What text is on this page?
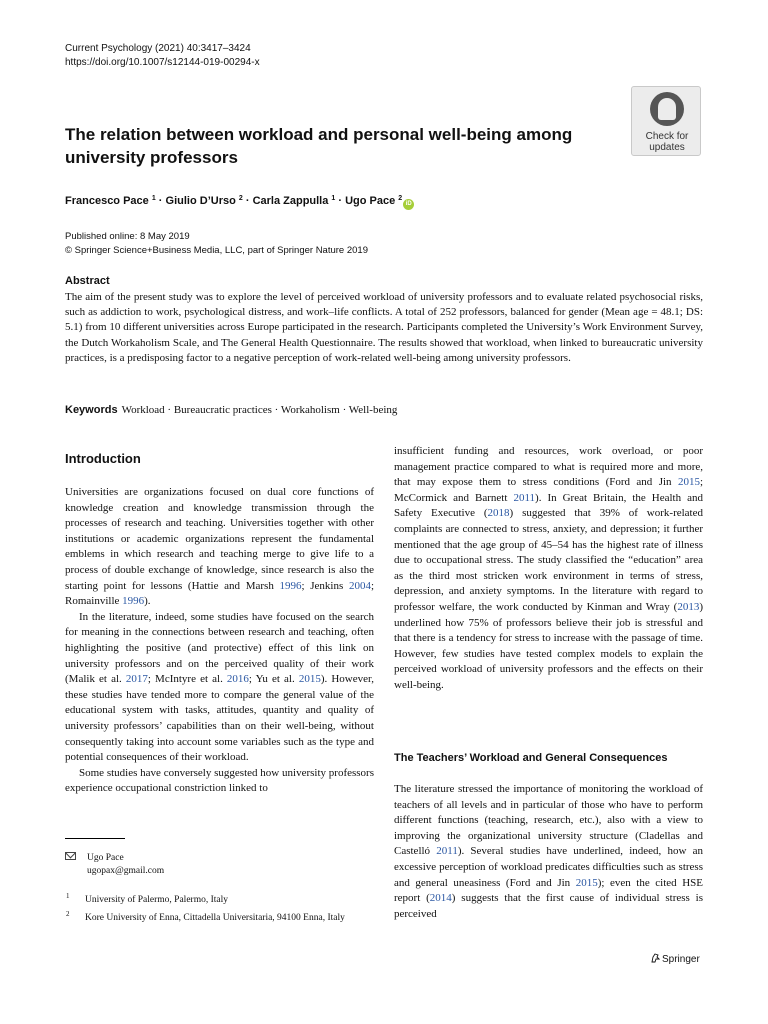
Current Psychology (2021) 40:3417–3424
https://doi.org/10.1007/s12144-019-00294-x
The relation between workload and personal well-being among university professors
Check for
updates
Francesco Pace $^1$ · Giulio D’Urso $^2$ · Carla Zappulla $^1$ · Ugo Pace $^2$iD
Published online: 8 May 2019
© Springer Science+Business Media, LLC, part of Springer Nature 2019
Abstract
The aim of the present study was to explore the level of perceived workload of university professors and to evaluate related psychosocial risks, such as addiction to work, psychological distress, and work–life conflicts. A total of 252 professors, balanced for gender (Mean age = 48.1; DS: 5.1) from 10 different universities across Europe participated in the research. Participants completed the University’s Work Environment Survey, the Dutch Workaholism Scale, and The General Health Questionnaire. The results showed that workload, when linked to bureaucratic university practices, is a predisposing factor to a negative perception of work-related well-being among university professors.
Keywords Workload · Bureaucratic practices · Workaholism · Well-being
Introduction

Universities are organizations focused on dual core functions of knowledge creation and knowledge transmission through the processes of research and teaching. Universities together with other institutions or academic organizations represent the fundamental emblems in which research and teaching merge to give life to a process of double exchange of knowledge, since research is also the starting point for lessons (Hattie and Marsh 1996; Jenkins 2004; Romainville 1996).

In the literature, indeed, some studies have focused on the search for meaning in the connections between research and teaching, often highlighting the positive (and protective) effect of this link on university professors and on the perceived quality of their work (Malik et al. 2017; McIntyre et al. 2016; Yu et al. 2015). However, these studies have tended more to compare the general value of the educational system with tasks, attitudes, quantity and quality of university professors’ capabilities than on their well-being, without consequently taking into account some variables such as the type and potential consequences of their workload.

Some studies have conversely suggested how university professors experience occupational constriction linked to

insufficient funding and resources, work overload, or poor management practice compared to what is required more and more, that may expose them to stress conditions (Ford and Jin 2015; McCormick and Barnett 2011). In Great Britain, the Health and Safety Executive (2018) suggested that 39% of work-related complaints are connected to stress, anxiety, and depression; it further mentioned that the age group of 45–54 has the highest rate of illness due to occupational stress. The study classified the “education” area as the third most stricken work environment in terms of stress, depression, and anxiety symptoms. In the literature with regard to professor welfare, the work conducted by Kinman and Wray (2013) underlined how 75% of professors believe their job is stressful and that there is a tendency for stress to increase with the passage of time. However, few studies have tested complex models to explain the perceived workload of university professors and the effects on their well-being.

The Teachers’ Workload and General Consequences

The literature stressed the importance of monitoring the workload of teachers of all levels and in particular of those who have to perform different functions (teaching, research, etc.), also with a view to improving the organizational university structure (Cladellas and Castelló 2011). Several studies have underlined, indeed, how an excessive perception of workload predicates difficulties such as stress and general uneasiness (Ford and Jin 2015); even the cited HSE report (2014) suggests that the first cause of individual stress is perceived

Ugo Pace
ugopax@gmail.com
1 University of Palermo, Palermo, Italy
2 Kore University of Enna, Cittadella Universitaria, 94100 Enna, Italy
Springer
